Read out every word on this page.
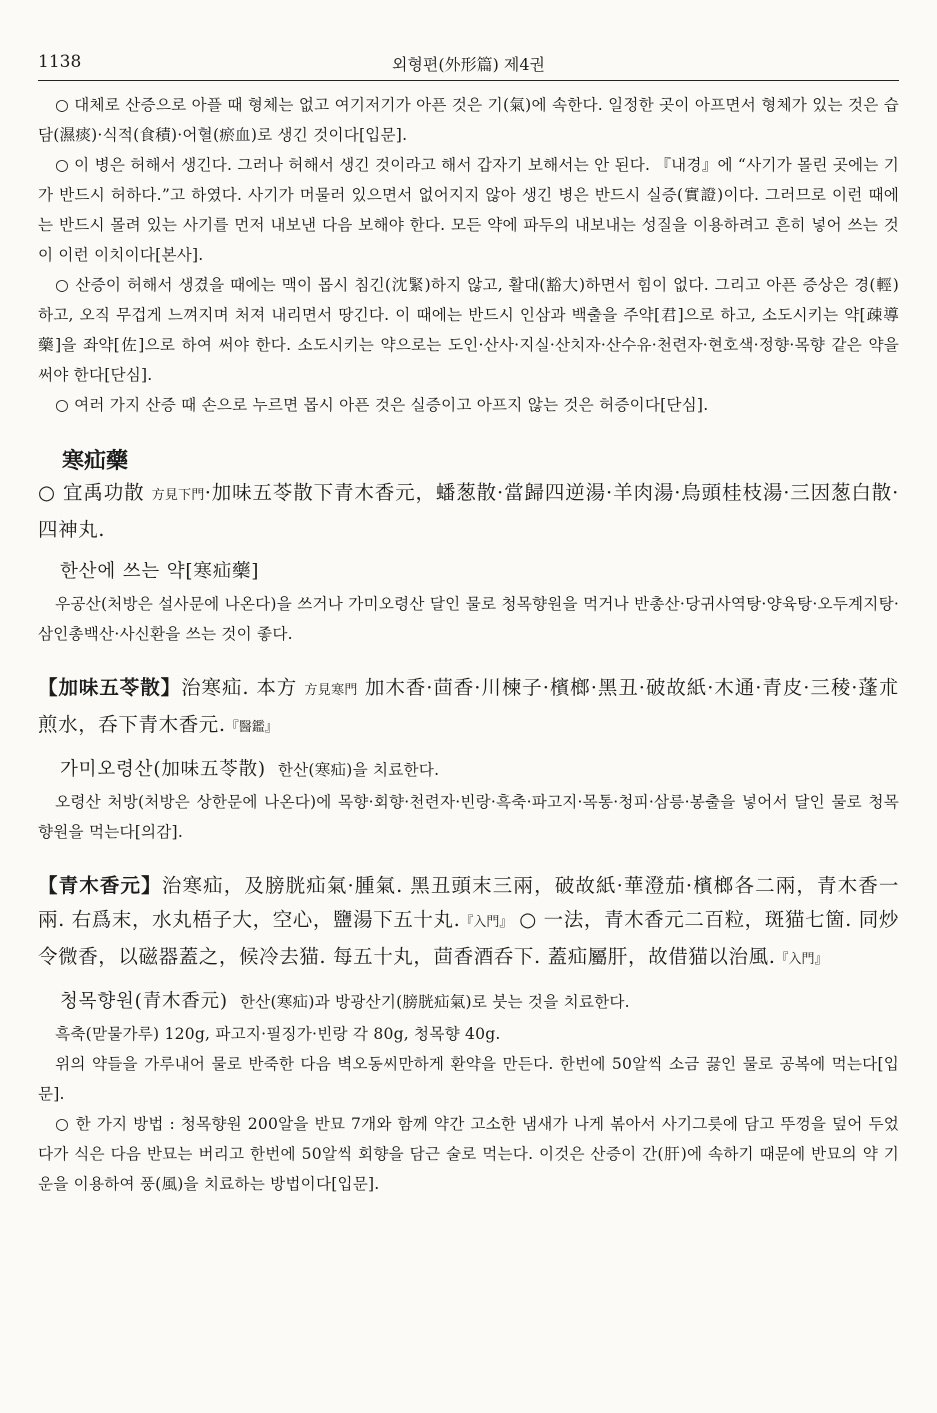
1138	외형편(外形篇) 제4권

○ 대체로 산증으로 아플 때 형체는 없고 여기저기가 아픈 것은 기(氣)에 속한다. 일정한 곳이 아프면서 형체가 있는 것은 습담(濕痰)·식적(食積)·어혈(瘀血)로 생긴 것이다[입문].

○ 이 병은 허해서 생긴다. 그러나 허해서 생긴 것이라고 해서 갑자기 보해서는 안 된다. 『내경』에 “사기가 몰린 곳에는 기가 반드시 허하다.”고 하였다. 사기가 머물러 있으면서 없어지지 않아 생긴 병은 반드시 실증(實證)이다. 그러므로 이런 때에는 반드시 몰려 있는 사기를 먼저 내보낸 다음 보해야 한다. 모든 약에 파두의 내보내는 성질을 이용하려고 흔히 넣어 쓰는 것이 이런 이치이다[본사].

○ 산증이 허해서 생겼을 때에는 맥이 몹시 침긴(沈緊)하지 않고, 활대(豁大)하면서 힘이 없다. 그리고 아픈 증상은 경(輕)하고, 오직 무겁게 느껴지며 처져 내리면서 땅긴다. 이 때에는 반드시 인삼과 백출을 주약[君]으로 하고, 소도시키는 약[疎導藥]을 좌약[佐]으로 하여 써야 한다. 소도시키는 약으로는 도인·산사·지실·산치자·산수유·천련자·현호색·정향·목향 같은 약을 써야 한다[단심].

○ 여러 가지 산증 때 손으로 누르면 몹시 아픈 것은 실증이고 아프지 않는 것은 허증이다[단심].

寒疝藥

○ 宜禹功散 方見下門·加味五苓散下青木香元，蟠葱散·當歸四逆湯·羊肉湯·烏頭桂枝湯·三因葱白散·四神丸.

한산에 쓰는 약[寒疝藥]

우공산(처방은 설사문에 나온다)을 쓰거나 가미오령산 달인 물로 청목향원을 먹거나 반총산·당귀사역탕·양육탕·오두계지탕·삼인총백산·사신환을 쓰는 것이 좋다.

【加味五苓散】治寒疝. 本方 方見寒門 加木香·茴香·川楝子·檳榔·黑丑·破故紙·木通·青皮·三稜·蓬朮煎水，呑下青木香元.『醫鑑』

가미오령산(加味五苓散) 한산(寒疝)을 치료한다.

오령산 처방(처방은 상한문에 나온다)에 목향·회향·천련자·빈랑·흑축·파고지·목통·청피·삼릉·봉출을 넣어서 달인 물로 청목향원을 먹는다[의감].

【青木香元】治寒疝，及膀胱疝氣·腫氣. 黑丑頭末三兩，破故紙·華澄茄·檳榔各二兩，青木香一兩. 右爲末，水丸梧子大，空心，鹽湯下五十丸.『入門』 ○ 一法，青木香元二百粒，斑猫七箇. 同炒令微香，以磁器蓋之，候冷去猫. 每五十丸，茴香酒呑下. 蓋疝屬肝，故借猫以治風.『入門』

청목향원(青木香元) 한산(寒疝)과 방광산기(膀胱疝氣)로 붓는 것을 치료한다.

흑축(맏물가루) 120g, 파고지·필징가·빈랑 각 80g, 청목향 40g.

위의 약들을 가루내어 물로 반죽한 다음 벽오동씨만하게 환약을 만든다. 한번에 50알씩 소금 끓인 물로 공복에 먹는다[입문].

○ 한 가지 방법 : 청목향원 200알을 반묘 7개와 함께 약간 고소한 냄새가 나게 볶아서 사기그릇에 담고 뚜껑을 덮어 두었다가 식은 다음 반묘는 버리고 한번에 50알씩 회향을 담근 술로 먹는다. 이것은 산증이 간(肝)에 속하기 때문에 반묘의 약 기운을 이용하여 풍(風)을 치료하는 방법이다[입문].
